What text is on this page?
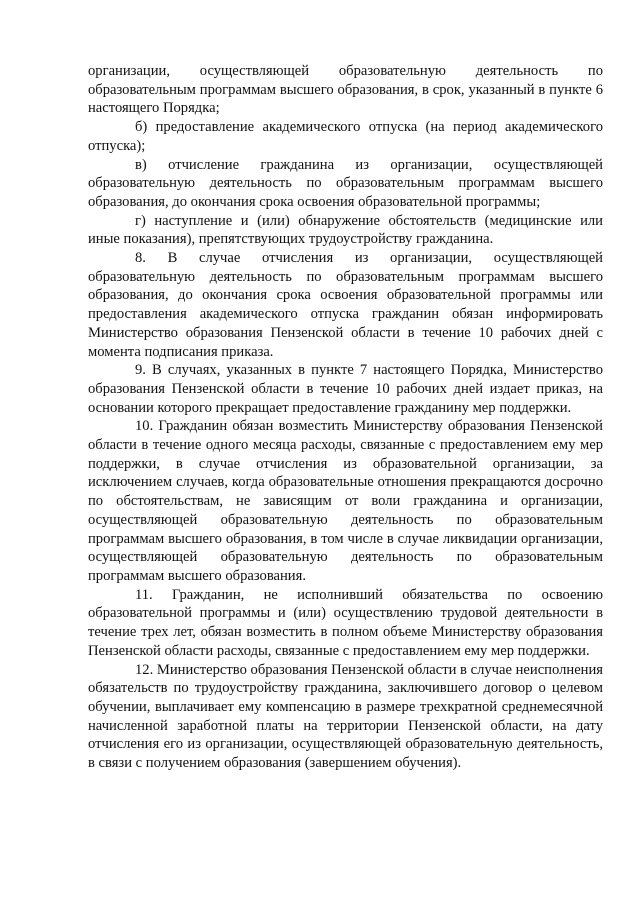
организации, осуществляющей образовательную деятельность по образовательным программам высшего образования, в срок, указанный в пункте 6 настоящего Порядка;

б) предоставление академического отпуска (на период академического отпуска);

в) отчисление гражданина из организации, осуществляющей образовательную деятельность по образовательным программам высшего образования, до окончания срока освоения образовательной программы;

г) наступление и (или) обнаружение обстоятельств (медицинские или иные показания), препятствующих трудоустройству гражданина.

8. В случае отчисления из организации, осуществляющей образовательную деятельность по образовательным программам высшего образования, до окончания срока освоения образовательной программы или предоставления академического отпуска гражданин обязан информировать Министерство образования Пензенской области в течение 10 рабочих дней с момента подписания приказа.

9. В случаях, указанных в пункте 7 настоящего Порядка, Министерство образования Пензенской области в течение 10 рабочих дней издает приказ, на основании которого прекращает предоставление гражданину мер поддержки.

10. Гражданин обязан возместить Министерству образования Пензенской области в течение одного месяца расходы, связанные с предоставлением ему мер поддержки, в случае отчисления из образовательной организации, за исключением случаев, когда образовательные отношения прекращаются досрочно по обстоятельствам, не зависящим от воли гражданина и организации, осуществляющей образовательную деятельность по образовательным программам высшего образования, в том числе в случае ликвидации организации, осуществляющей образовательную деятельность по образовательным программам высшего образования.

11. Гражданин, не исполнивший обязательства по освоению образовательной программы и (или) осуществлению трудовой деятельности в течение трех лет, обязан возместить в полном объеме Министерству образования Пензенской области расходы, связанные с предоставлением ему мер поддержки.

12. Министерство образования Пензенской области в случае неисполнения обязательств по трудоустройству гражданина, заключившего договор о целевом обучении, выплачивает ему компенсацию в размере трехкратной среднемесячной начисленной заработной платы на территории Пензенской области, на дату отчисления его из организации, осуществляющей образовательную деятельность, в связи с получением образования (завершением обучения).
